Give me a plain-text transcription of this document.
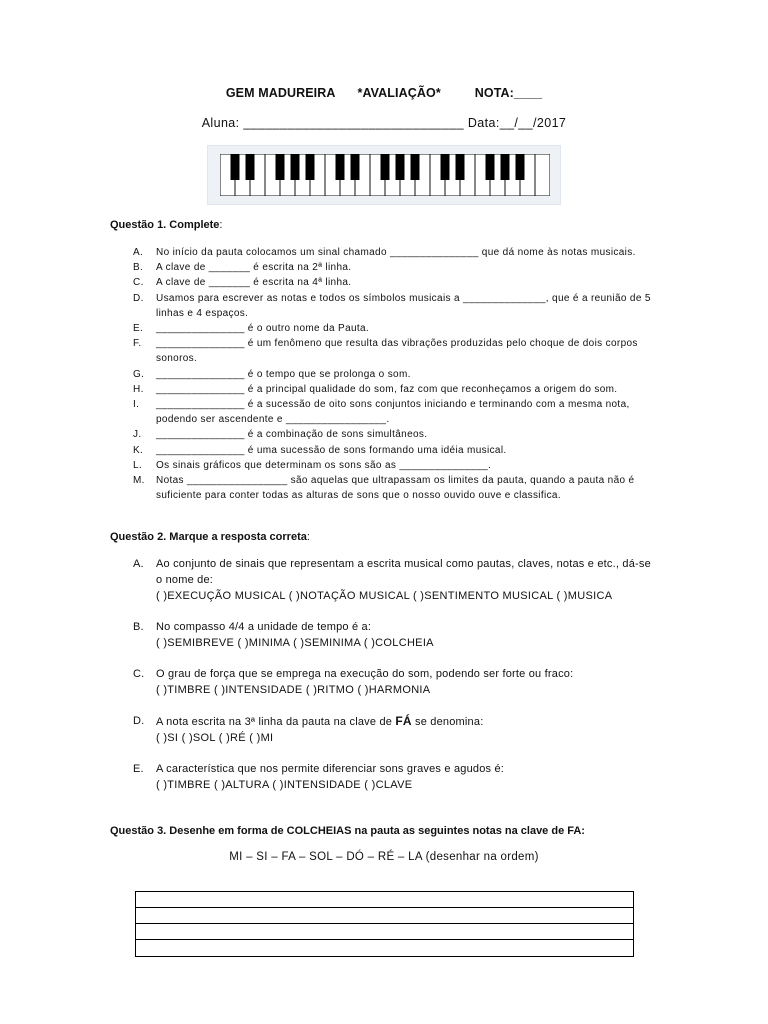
GEM MADUREIRA *AVALIAÇÃO*	NOTA:____
Aluna: ______________________________ Data:__/__/2017
Questão 1. Complete:
A.	No início da pauta colocamos um sinal chamado _______________ que dá nome às notas musicais.
B.	A clave de _______ é escrita na 2ª linha.
C.	A clave de _______ é escrita na 4ª linha.
D.	Usamos para escrever as notas e todos os símbolos musicais a ______________, que é a reunião de 5 linhas e 4 espaços.
E.	_______________ é o outro nome da Pauta.
F.	_______________ é um fenômeno que resulta das vibrações produzidas pelo choque de dois corpos sonoros.
G.	_______________ é o tempo que se prolonga o som.
H.	_______________ é a principal qualidade do som, faz com que reconheçamos a origem do som.
I.	_______________ é a sucessão de oito sons conjuntos iniciando e terminando com a mesma nota, podendo ser ascendente e _________________.
J.	_______________ é a combinação de sons simultâneos.
K.	_______________ é uma sucessão de sons formando uma idéia musical.
L.	Os sinais gráficos que determinam os sons são as _______________.
M.	Notas _________________ são aquelas que ultrapassam os limites da pauta, quando a pauta não é suficiente para conter todas as alturas de sons que o nosso ouvido ouve e classifica.
Questão 2. Marque a resposta correta:
A.	Ao conjunto de sinais que representam a escrita musical como pautas, claves, notas e etc., dá-se o nome de:
( )EXECUÇÃO MUSICAL ( )NOTAÇÃO MUSICAL ( )SENTIMENTO MUSICAL ( )MUSICA
B.	No compasso 4/4 a unidade de tempo é a:
( )SEMIBREVE ( )MINIMA ( )SEMINIMA ( )COLCHEIA
C.	O grau de força que se emprega na execução do som, podendo ser forte ou fraco:
( )TIMBRE ( )INTENSIDADE ( )RITMO ( )HARMONIA
D.	A nota escrita na 3ª linha da pauta na clave de FÁ se denomina:
( )SI ( )SOL ( )RÉ ( )MI
E.	A característica que nos permite diferenciar sons graves e agudos é:
( )TIMBRE ( )ALTURA ( )INTENSIDADE ( )CLAVE
Questão 3. Desenhe em forma de COLCHEIAS na pauta as seguintes notas na clave de FA:
MI – SI – FA – SOL – DÓ – RÉ – LA (desenhar na ordem)
